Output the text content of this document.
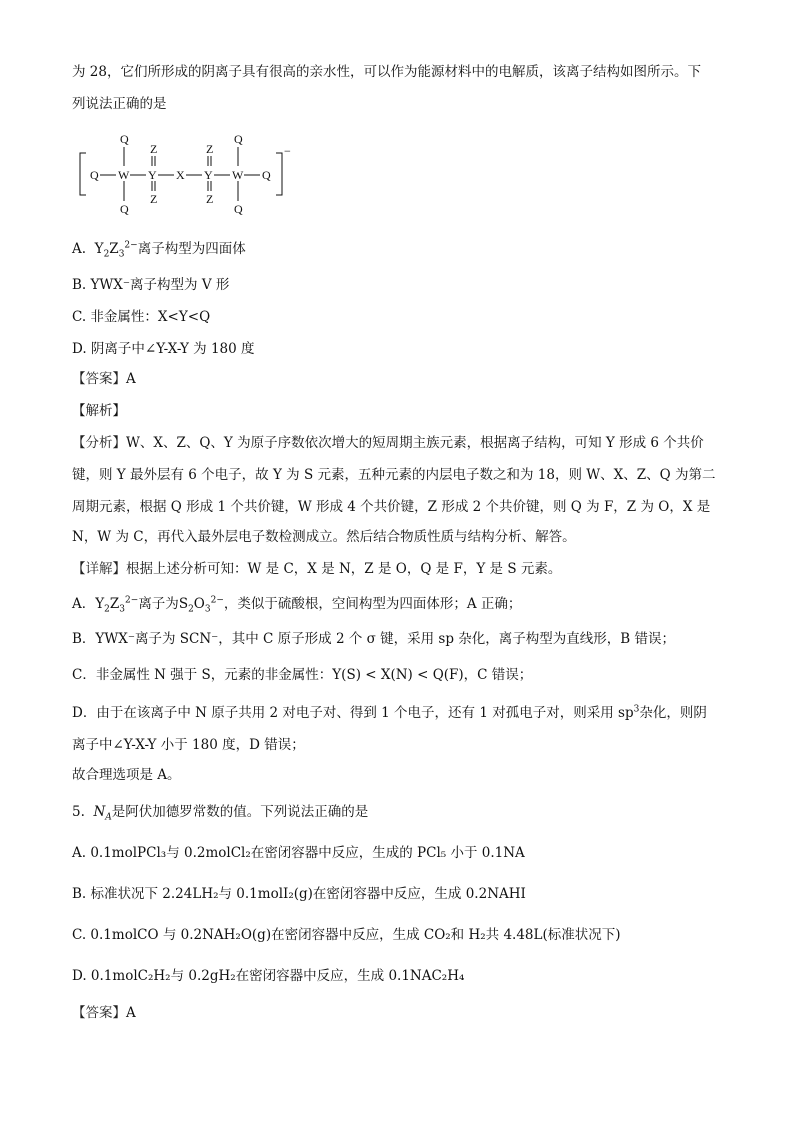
为 28，它们所形成的阴离子具有很高的亲水性，可以作为能源材料中的电解质，该离子结构如图所示。下
列说法正确的是
−
Q W Y X Y W Q
Q
Z	Z
Q
Q
Z	Z
Q
A. $Y_2Z_3^{2-}$离子构型为四面体
B. YWX⁻离子构型为 V 形
C. 非金属性：X<Y<Q
D. 阴离子中∠Y-X-Y 为 180 度
【答案】A
【解析】
【分析】W、X、Z、Q、Y 为原子序数依次增大的短周期主族元素，根据离子结构，可知 Y 形成 6 个共价
键，则 Y 最外层有 6 个电子，故 Y 为 S 元素，五种元素的内层电子数之和为 18，则 W、X、Z、Q 为第二
周期元素，根据 Q 形成 1 个共价键，W 形成 4 个共价键，Z 形成 2 个共价键，则 Q 为 F，Z 为 O，X 是
N，W 为 C，再代入最外层电子数检测成立。然后结合物质性质与结构分析、解答。
【详解】根据上述分析可知：W 是 C，X 是 N，Z 是 O，Q 是 F，Y 是 S 元素。
A．$Y_2Z_3^{2-}$离子为$S_2O_3^{2-}$，类似于硫酸根，空间构型为四面体形；A 正确；
B．YWX⁻离子为 SCN⁻，其中 C 原子形成 2 个 σ 键，采用 sp 杂化，离子构型为直线形，B 错误；
C．非金属性 N 强于 S，元素的非金属性：Y(S) < X(N) < Q(F)，C 错误；
D．由于在该离子中 N 原子共用 2 对电子对、得到 1 个电子，还有 1 对孤电子对，则采用 $sp^3$杂化，则阴
离子中∠Y-X-Y 小于 180 度，D 错误；
故合理选项是 A。
5. $N_A$是阿伏加德罗常数的值。下列说法正确的是
A. 0.1molPCl₃与 0.2molCl₂在密闭容器中反应，生成的 PCl₅ 小于 0.1NA
B. 标准状况下 2.24LH₂与 0.1molI₂(g)在密闭容器中反应，生成 0.2NAHI
C. 0.1molCO 与 0.2NAH₂O(g)在密闭容器中反应，生成 CO₂和 H₂共 4.48L(标准状况下)
D. 0.1molC₂H₂与 0.2gH₂在密闭容器中反应，生成 0.1NAC₂H₄
【答案】A
